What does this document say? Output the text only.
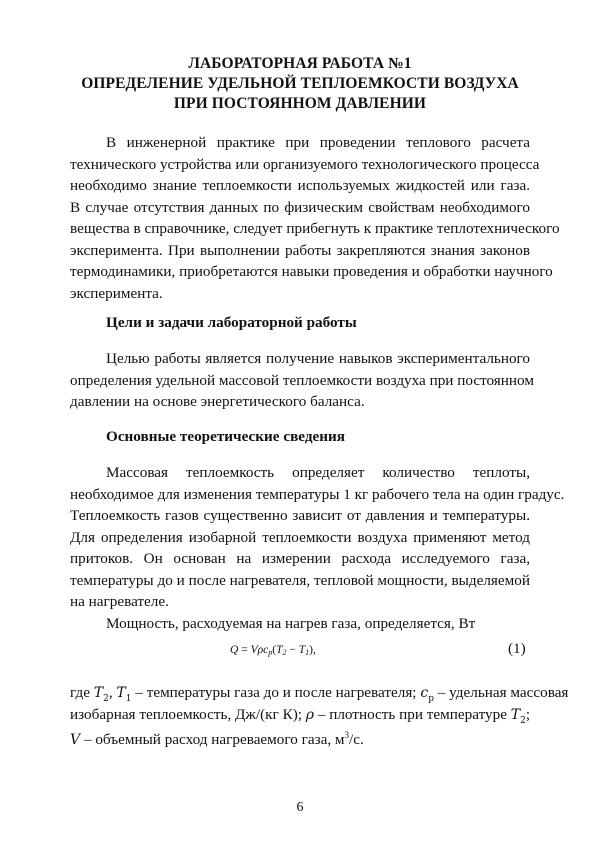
ЛАБОРАТОРНАЯ РАБОТА №1
ОПРЕДЕЛЕНИЕ УДЕЛЬНОЙ ТЕПЛОЕМКОСТИ ВОЗДУХА
ПРИ ПОСТОЯННОМ ДАВЛЕНИИ
В инженерной практике при проведении теплового расчета
технического устройства или организуемого технологического процесса
необходимо знание теплоемкости используемых жидкостей или газа.
В случае отсутствия данных по физическим свойствам необходимого
вещества в справочнике, следует прибегнуть к практике теплотехнического
эксперимента. При выполнении работы закрепляются знания законов
термодинамики, приобретаются навыки проведения и обработки научного
эксперимента.
Цели и задачи лабораторной работы
Целью работы является получение навыков экспериментального
определения удельной массовой теплоемкости воздуха при постоянном
давлении на основе энергетического баланса.
Основные теоретические сведения
Массовая теплоемкость определяет количество теплоты,
необходимое для изменения температуры 1 кг рабочего тела на один градус.
Теплоемкость газов существенно зависит от давления и температуры.
Для определения изобарной теплоемкости воздуха применяют метод
притоков. Он основан на измерении расхода исследуемого газа,
температуры до и после нагревателя, тепловой мощности, выделяемой
на нагревателе.
Мощность, расходуемая на нагрев газа, определяется, Вт
$Q = V\rho c_p(T_2 - T_1)$,	(1)
где $T_2$, $T_1$ – температуры газа до и после нагревателя; $c_p$ – удельная массовая
изобарная теплоемкость, Дж/(кг К); ρ – плотность при температуре $T_2$;
V – объемный расход нагреваемого газа, $м^3/с$.
6
